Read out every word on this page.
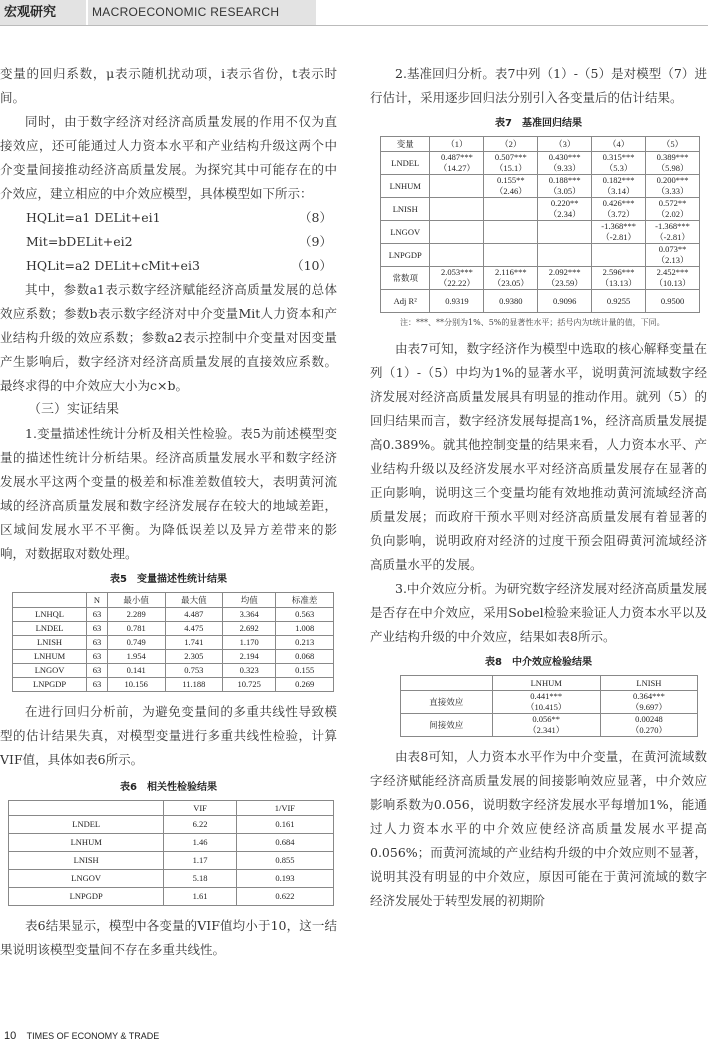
宏观研究	MACROECONOMIC RESEARCH

变量的回归系数，μ表示随机扰动项，i表示省份，t表示时间。

同时，由于数字经济对经济高质量发展的作用不仅为直接效应，还可能通过人力资本水平和产业结构升级这两个中介变量间接推动经济高质量发展。为探究其中可能存在的中介效应，建立相应的中介效应模型，具体模型如下所示：

HQLit=a1 DELit+ei1	（8）
Mit=bDELit+ei2	（9）
HQLit=a2 DELit+cMit+ei3	（10）

其中，参数a1表示数字经济赋能经济高质量发展的总体效应系数；参数b表示数字经济对中介变量Mit人力资本和产业结构升级的效应系数；参数a2表示控制中介变量对因变量产生影响后，数字经济对经济高质量发展的直接效应系数。最终求得的中介效应大小为c×b。

（三）实证结果

1.变量描述性统计分析及相关性检验。表5为前述模型变量的描述性统计分析结果。经济高质量发展水平和数字经济发展水平这两个变量的极差和标准差数值较大，表明黄河流域的经济高质量发展和数字经济发展存在较大的地域差距，区域间发展水平不平衡。为降低误差以及异方差带来的影响，对数据取对数处理。

表5　变量描述性统计结果
	N	最小值	最大值	均值	标准差
LNHQL	63	2.289	4.487	3.364	0.563
LNDEL	63	0.781	4.475	2.692	1.008
LNISH	63	0.749	1.741	1.170	0.213
LNHUM	63	1.954	2.305	2.194	0.068
LNGOV	63	0.141	0.753	0.323	0.155
LNPGDP	63	10.156	11.188	10.725	0.269

在进行回归分析前，为避免变量间的多重共线性导致模型的估计结果失真，对模型变量进行多重共线性检验，计算VIF值，具体如表6所示。

表6　相关性检验结果
	VIF	1/VIF
LNDEL	6.22	0.161
LNHUM	1.46	0.684
LNISH	1.17	0.855
LNGOV	5.18	0.193
LNPGDP	1.61	0.622

表6结果显示，模型中各变量的VIF值均小于10，这一结果说明该模型变量间不存在多重共线性。

2.基准回归分析。表7中列（1）-（5）是对模型（7）进行估计，采用逐步回归法分别引入各变量后的估计结果。

表7　基准回归结果
变量	（1）	（2）	（3）	（4）	（5）
LNDEL	0.487***
（14.27）	0.507***
（15.1）	0.430***
（9.33）	0.315***
（5.3）	0.389***
（5.98）
LNHUM		0.155**
（2.46）	0.188***
（3.05）	0.182***
（3.14）	0.200***
（3.33）
LNISH			0.220**
（2.34）	0.426***
（3.72）	0.572**
（2.02）
LNGOV				-1.368***
（-2.81）	-1.368***
（-2.81）
LNPGDP					0.073**
（2.13）
常数项	2.053***
（22.22）	2.116***
（23.05）	2.092***
（23.59）	2.596***
（13.13）	2.452***
（10.13）
Adj R²	0.9319	0.9380	0.9096	0.9255	0.9500
注：***、**分别为1%、5%的显著性水平；括号内为t统计量的值，下同。

由表7可知，数字经济作为模型中选取的核心解释变量在列（1）-（5）中均为1%的显著水平，说明黄河流域数字经济发展对经济高质量发展具有明显的推动作用。就列（5）的回归结果而言，数字经济发展每提高1%，经济高质量发展提高0.389%。就其他控制变量的结果来看，人力资本水平、产业结构升级以及经济发展水平对经济高质量发展存在显著的正向影响，说明这三个变量均能有效地推动黄河流域经济高质量发展；而政府干预水平则对经济高质量发展有着显著的负向影响，说明政府对经济的过度干预会阻碍黄河流域经济高质量水平的发展。

3.中介效应分析。为研究数字经济发展对经济高质量发展是否存在中介效应，采用Sobel检验来验证人力资本水平以及产业结构升级的中介效应，结果如表8所示。

表8　中介效应检验结果
	LNHUM	LNISH
直接效应	0.441***
（10.415）	0.364***
（9.697）
间接效应	0.056**
（2.341）	0.00248
（0.270）

由表8可知，人力资本水平作为中介变量，在黄河流域数字经济赋能经济高质量发展的间接影响效应显著，中介效应影响系数为0.056，说明数字经济发展水平每增加1%，能通过人力资本水平的中介效应使经济高质量发展水平提高0.056%；而黄河流域的产业结构升级的中介效应则不显著，说明其没有明显的中介效应，原因可能在于黄河流域的数字经济发展处于转型发展的初期阶

10 TIMES OF ECONOMY & TRADE
